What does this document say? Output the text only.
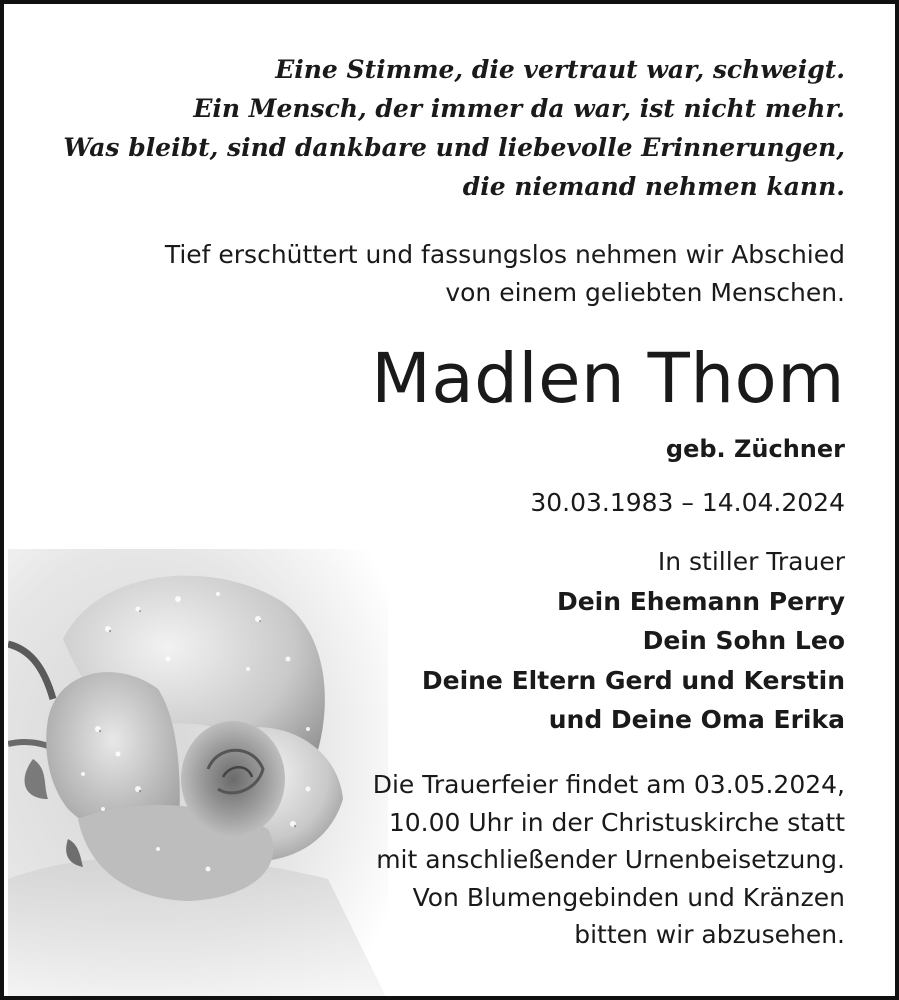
Eine Stimme, die vertraut war, schweigt.
Ein Mensch, der immer da war, ist nicht mehr.
Was bleibt, sind dankbare und liebevolle Erinnerungen,
die niemand nehmen kann.
Tief erschüttert und fassungslos nehmen wir Abschied
von einem geliebten Menschen.
Madlen Thom
geb. Züchner
30.03.1983 – 14.04.2024
In stiller Trauer
Dein Ehemann Perry
Dein Sohn Leo
Deine Eltern Gerd und Kerstin
und Deine Oma Erika
Die Trauerfeier findet am 03.05.2024,
10.00 Uhr in der Christuskirche statt
mit anschließender Urnenbeisetzung.
Von Blumengebinden und Kränzen
bitten wir abzusehen.
